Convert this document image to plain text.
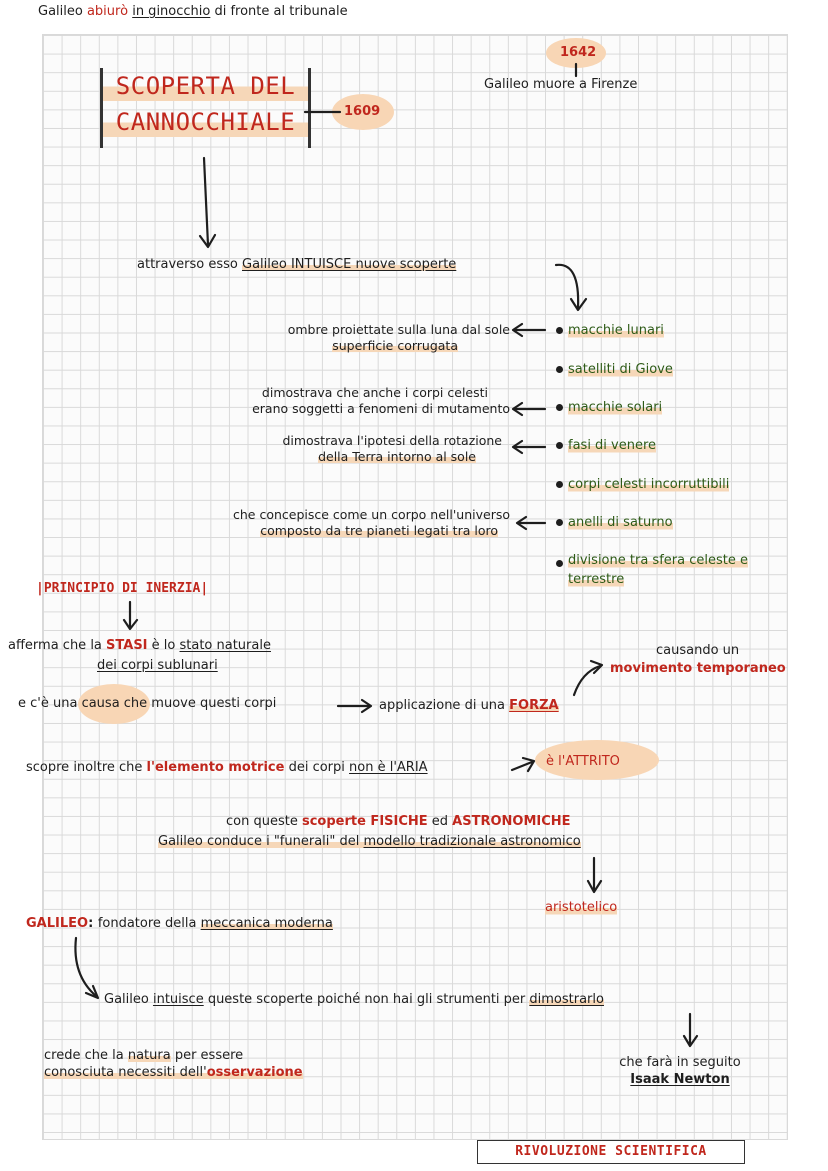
Galileo abiurò in ginocchio di fronte al tribunale
SCOPERTA DEL
CANNOCCHIALE	1609
1642
Galileo muore a Firenze
attraverso esso Galileo INTUISCE nuove scoperte
macchie lunari
satelliti di Giove
macchie solari
fasi di venere
corpi celesti incorruttibili
anelli di saturno
divisione tra sfera celeste e
terrestre
ombre proiettate sulla luna dal sole
superficie corrugata
dimostrava che anche i corpi celesti
erano soggetti a fenomeni di mutamento
dimostrava l'ipotesi della rotazione
della Terra intorno al sole
che concepisce come un corpo nell'universo
composto da tre pianeti legati tra loro
|PRINCIPIO DI INERZIA|
afferma che la STASI è lo stato naturale
dei corpi sublunari
e c'è una causa che muove questi corpi	applicazione di una FORZA
causando un
movimento temporaneo
scopre inoltre che l'elemento motrice dei corpi non è l'ARIA	è l'ATTRITO
con queste scoperte FISICHE ed ASTRONOMICHE
Galileo conduce i "funerali" del modello tradizionale astronomico
aristotelico
GALILEO: fondatore della meccanica moderna
Galileo intuisce queste scoperte poiché non hai gli strumenti per dimostrarlo
crede che la natura per essere
conosciuta necessiti dell'osservazione
che farà in seguito
Isaak Newton
RIVOLUZIONE SCIENTIFICA
